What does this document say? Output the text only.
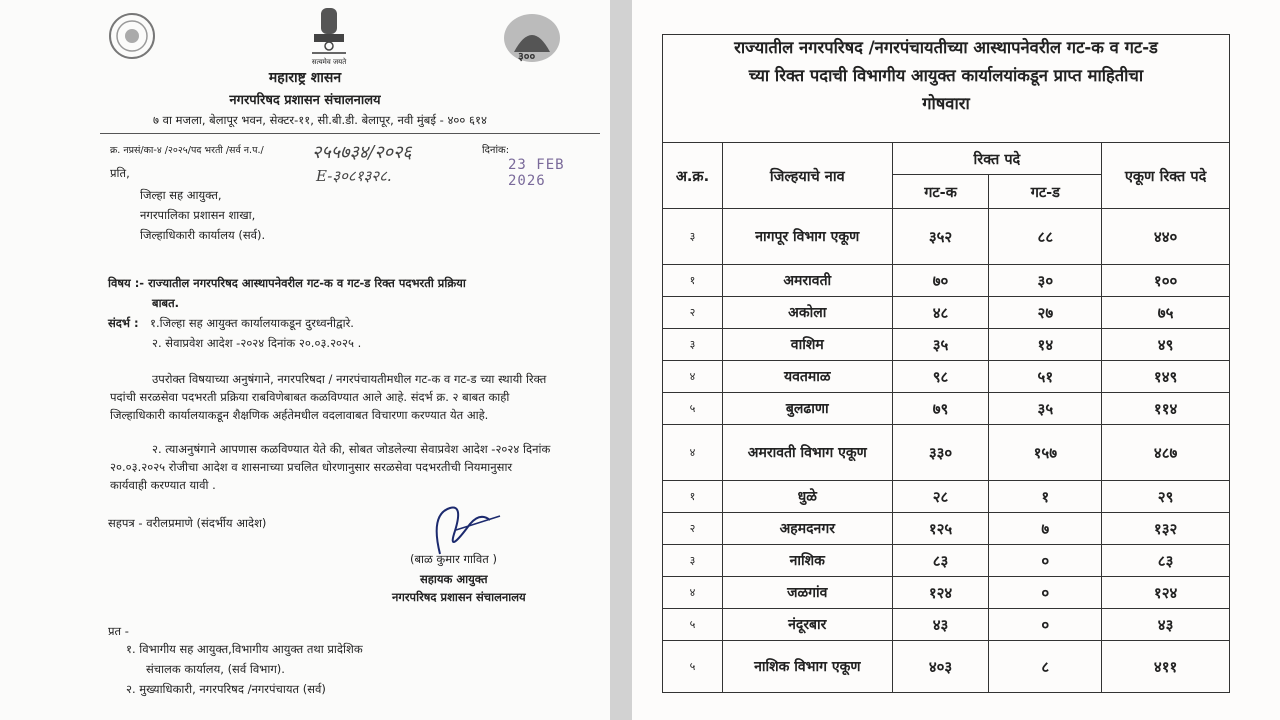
सत्यमेव जयते	३००
महाराष्ट्र शासन
नगरपरिषद प्रशासन संचालनालय
७ वा मजला, बेलापूर भवन, सेक्टर-११, सी.बी.डी. बेलापूर, नवी मुंबई - ४०० ६१४
क्र. नप्रसं/का-४ /२०२५/पद भरती /सर्व न.प./	२५५७३४/२०२६
E-३०८१३२८.
दिनांक:
23 FEB 2026
प्रति,
जिल्हा सह आयुक्त,
नगरपालिका प्रशासन शाखा,
जिल्हाधिकारी कार्यालय (सर्व).
विषय :- राज्यातील नगरपरिषद आस्थापनेवरील गट-क व गट-ड रिक्त पदभरती प्रक्रिया
बाबत.
संदर्भ : १.जिल्हा सह आयुक्त कार्यालयाकडून दुरध्वनीद्वारे.
२. सेवाप्रवेश आदेश -२०२४ दिनांक २०.०३.२०२५ .
उपरोक्त विषयाच्या अनुषंगाने, नगरपरिषदा / नगरपंचायतीमधील गट-क व गट-ड च्या स्थायी रिक्त
पदांची सरळसेवा पदभरती प्रक्रिया राबविणेबाबत कळविण्यात आले आहे. संदर्भ क्र. २ बाबत काही
जिल्हाधिकारी कार्यालयाकडून शैक्षणिक अर्हतेमधील वदलावाबत विचारणा करण्यात येत आहे.
२. त्याअनुषंगाने आपणास कळविण्यात येते की, सोबत जोडलेल्या सेवाप्रवेश आदेश -२०२४ दिनांक
२०.०३.२०२५ रोजीचा आदेश व शासनाच्या प्रचलित धोरणानुसार सरळसेवा पदभरतीची नियमानुसार
कार्यवाही करण्यात यावी .
सहपत्र - वरीलप्रमाणे (संदर्भीय आदेश)
(बाळ कुमार गावित )
सहायक आयुक्त
नगरपरिषद प्रशासन संचालनालय
प्रत -
१. विभागीय सह आयुक्त,विभागीय आयुक्त तथा प्रादेशिक
संचालक कार्यालय, (सर्व विभाग).
२. मुख्याधिकारी, नगरपरिषद /नगरपंचायत (सर्व)
राज्यातील नगरपरिषद /नगरपंचायतीच्या आस्थापनेवरील गट-क व गट-ड
च्या रिक्त पदाची विभागीय आयुक्त कार्यालयांकडून प्राप्त माहितीचा
गोषवारा
अ.क्र.	जिल्हयाचे नाव	रिक्त पदे		एकूण रिक्त पदे
		गट-क	गट-ड	
३	नागपूर विभाग एकूण	३५२	८८	४४०
१	अमरावती	७०	३०	१००
२	अकोला	४८	२७	७५
३	वाशिम	३५	१४	४९
४	यवतमाळ	९८	५१	१४९
५	बुलढाणा	७९	३५	११४
४	अमरावती विभाग एकूण	३३०	१५७	४८७
१	धुळे	२८	१	२९
२	अहमदनगर	१२५	७	१३२
३	नाशिक	८३	०	८३
४	जळगांव	१२४	०	१२४
५	नंदूरबार	४३	०	४३
५	नाशिक विभाग एकूण	४०३	८	४११
